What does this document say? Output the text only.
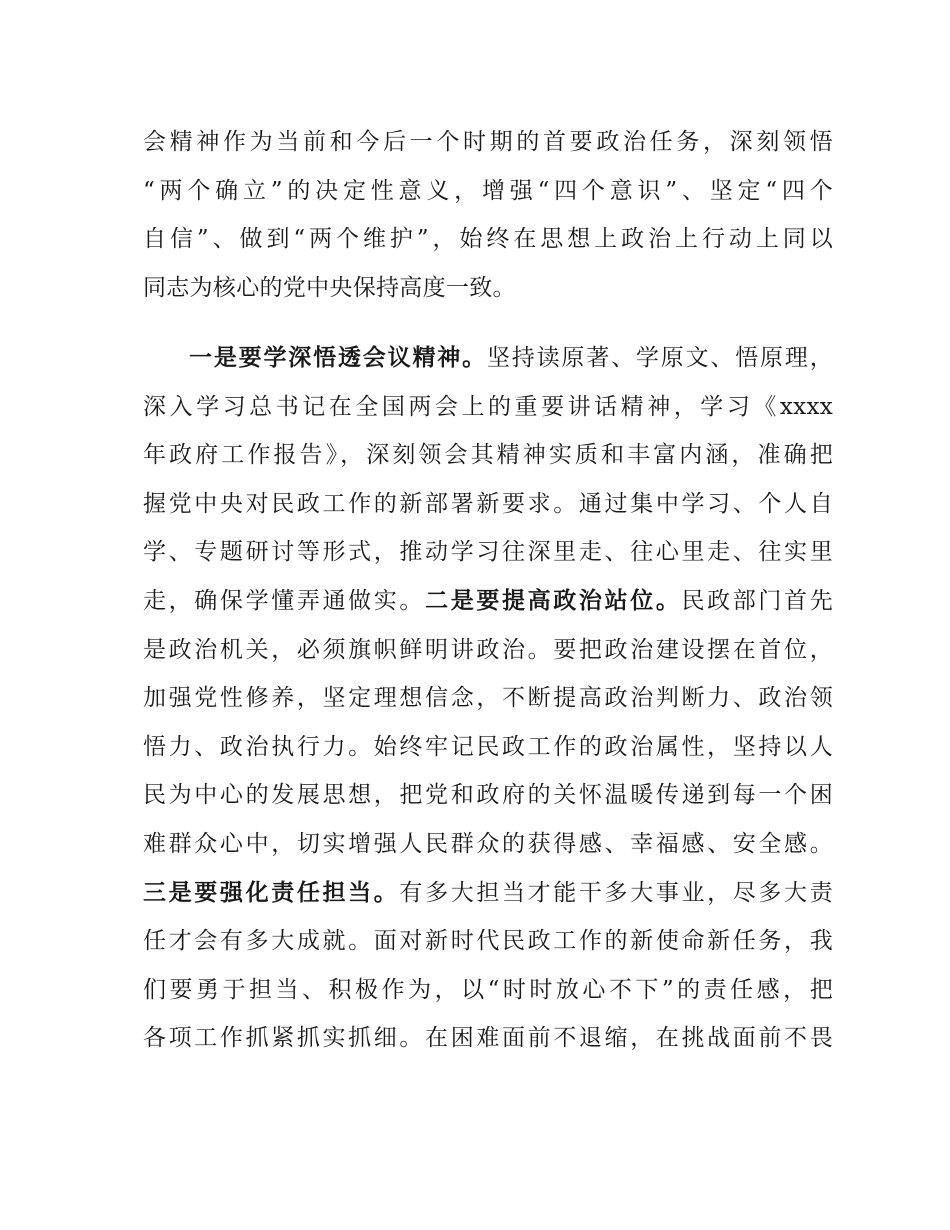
会精神作为当前和今后一个时期的首要政治任务，深刻领悟
“两个确立”的决定性意义，增强“四个意识”、坚定“四个
自信”、做到“两个维护”，始终在思想上政治上行动上同以
同志为核心的党中央保持高度一致。
一是要学深悟透会议精神。坚持读原著、学原文、悟原理，
深入学习总书记在全国两会上的重要讲话精神，学习《xxxx
年政府工作报告》，深刻领会其精神实质和丰富内涵，准确把
握党中央对民政工作的新部署新要求。通过集中学习、个人自
学、专题研讨等形式，推动学习往深里走、往心里走、往实里
走，确保学懂弄通做实。二是要提高政治站位。民政部门首先
是政治机关，必须旗帜鲜明讲政治。要把政治建设摆在首位，
加强党性修养，坚定理想信念，不断提高政治判断力、政治领
悟力、政治执行力。始终牢记民政工作的政治属性，坚持以人
民为中心的发展思想，把党和政府的关怀温暖传递到每一个困
难群众心中，切实增强人民群众的获得感、幸福感、安全感。
三是要强化责任担当。有多大担当才能干多大事业，尽多大责
任才会有多大成就。面对新时代民政工作的新使命新任务，我
们要勇于担当、积极作为，以“时时放心不下”的责任感，把
各项工作抓紧抓实抓细。在困难面前不退缩，在挑战面前不畏
